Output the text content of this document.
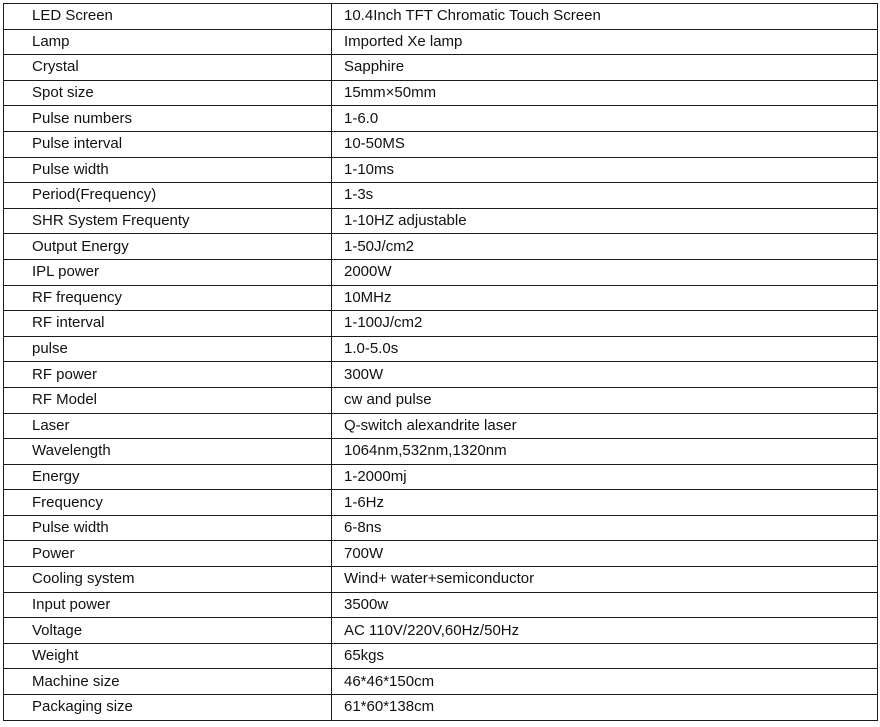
LED Screen	10.4Inch TFT Chromatic Touch Screen
Lamp	Imported Xe lamp
Crystal	Sapphire
Spot size	15mm×50mm
Pulse numbers	1-6.0
Pulse interval	10-50MS
Pulse width	1-10ms
Period(Frequency)	1-3s
SHR System Frequenty	1-10HZ adjustable
Output Energy	1-50J/cm2
IPL power	2000W
RF frequency	10MHz
RF interval	1-100J/cm2
pulse	1.0-5.0s
RF power	300W
RF Model	cw and pulse
Laser	Q-switch alexandrite laser
Wavelength	1064nm,532nm,1320nm
Energy	1-2000mj
Frequency	1-6Hz
Pulse width	6-8ns
Power	700W
Cooling system	Wind+ water+semiconductor
Input power	3500w
Voltage	AC 110V/220V,60Hz/50Hz
Weight	65kgs
Machine size	46*46*150cm
Packaging size	61*60*138cm
